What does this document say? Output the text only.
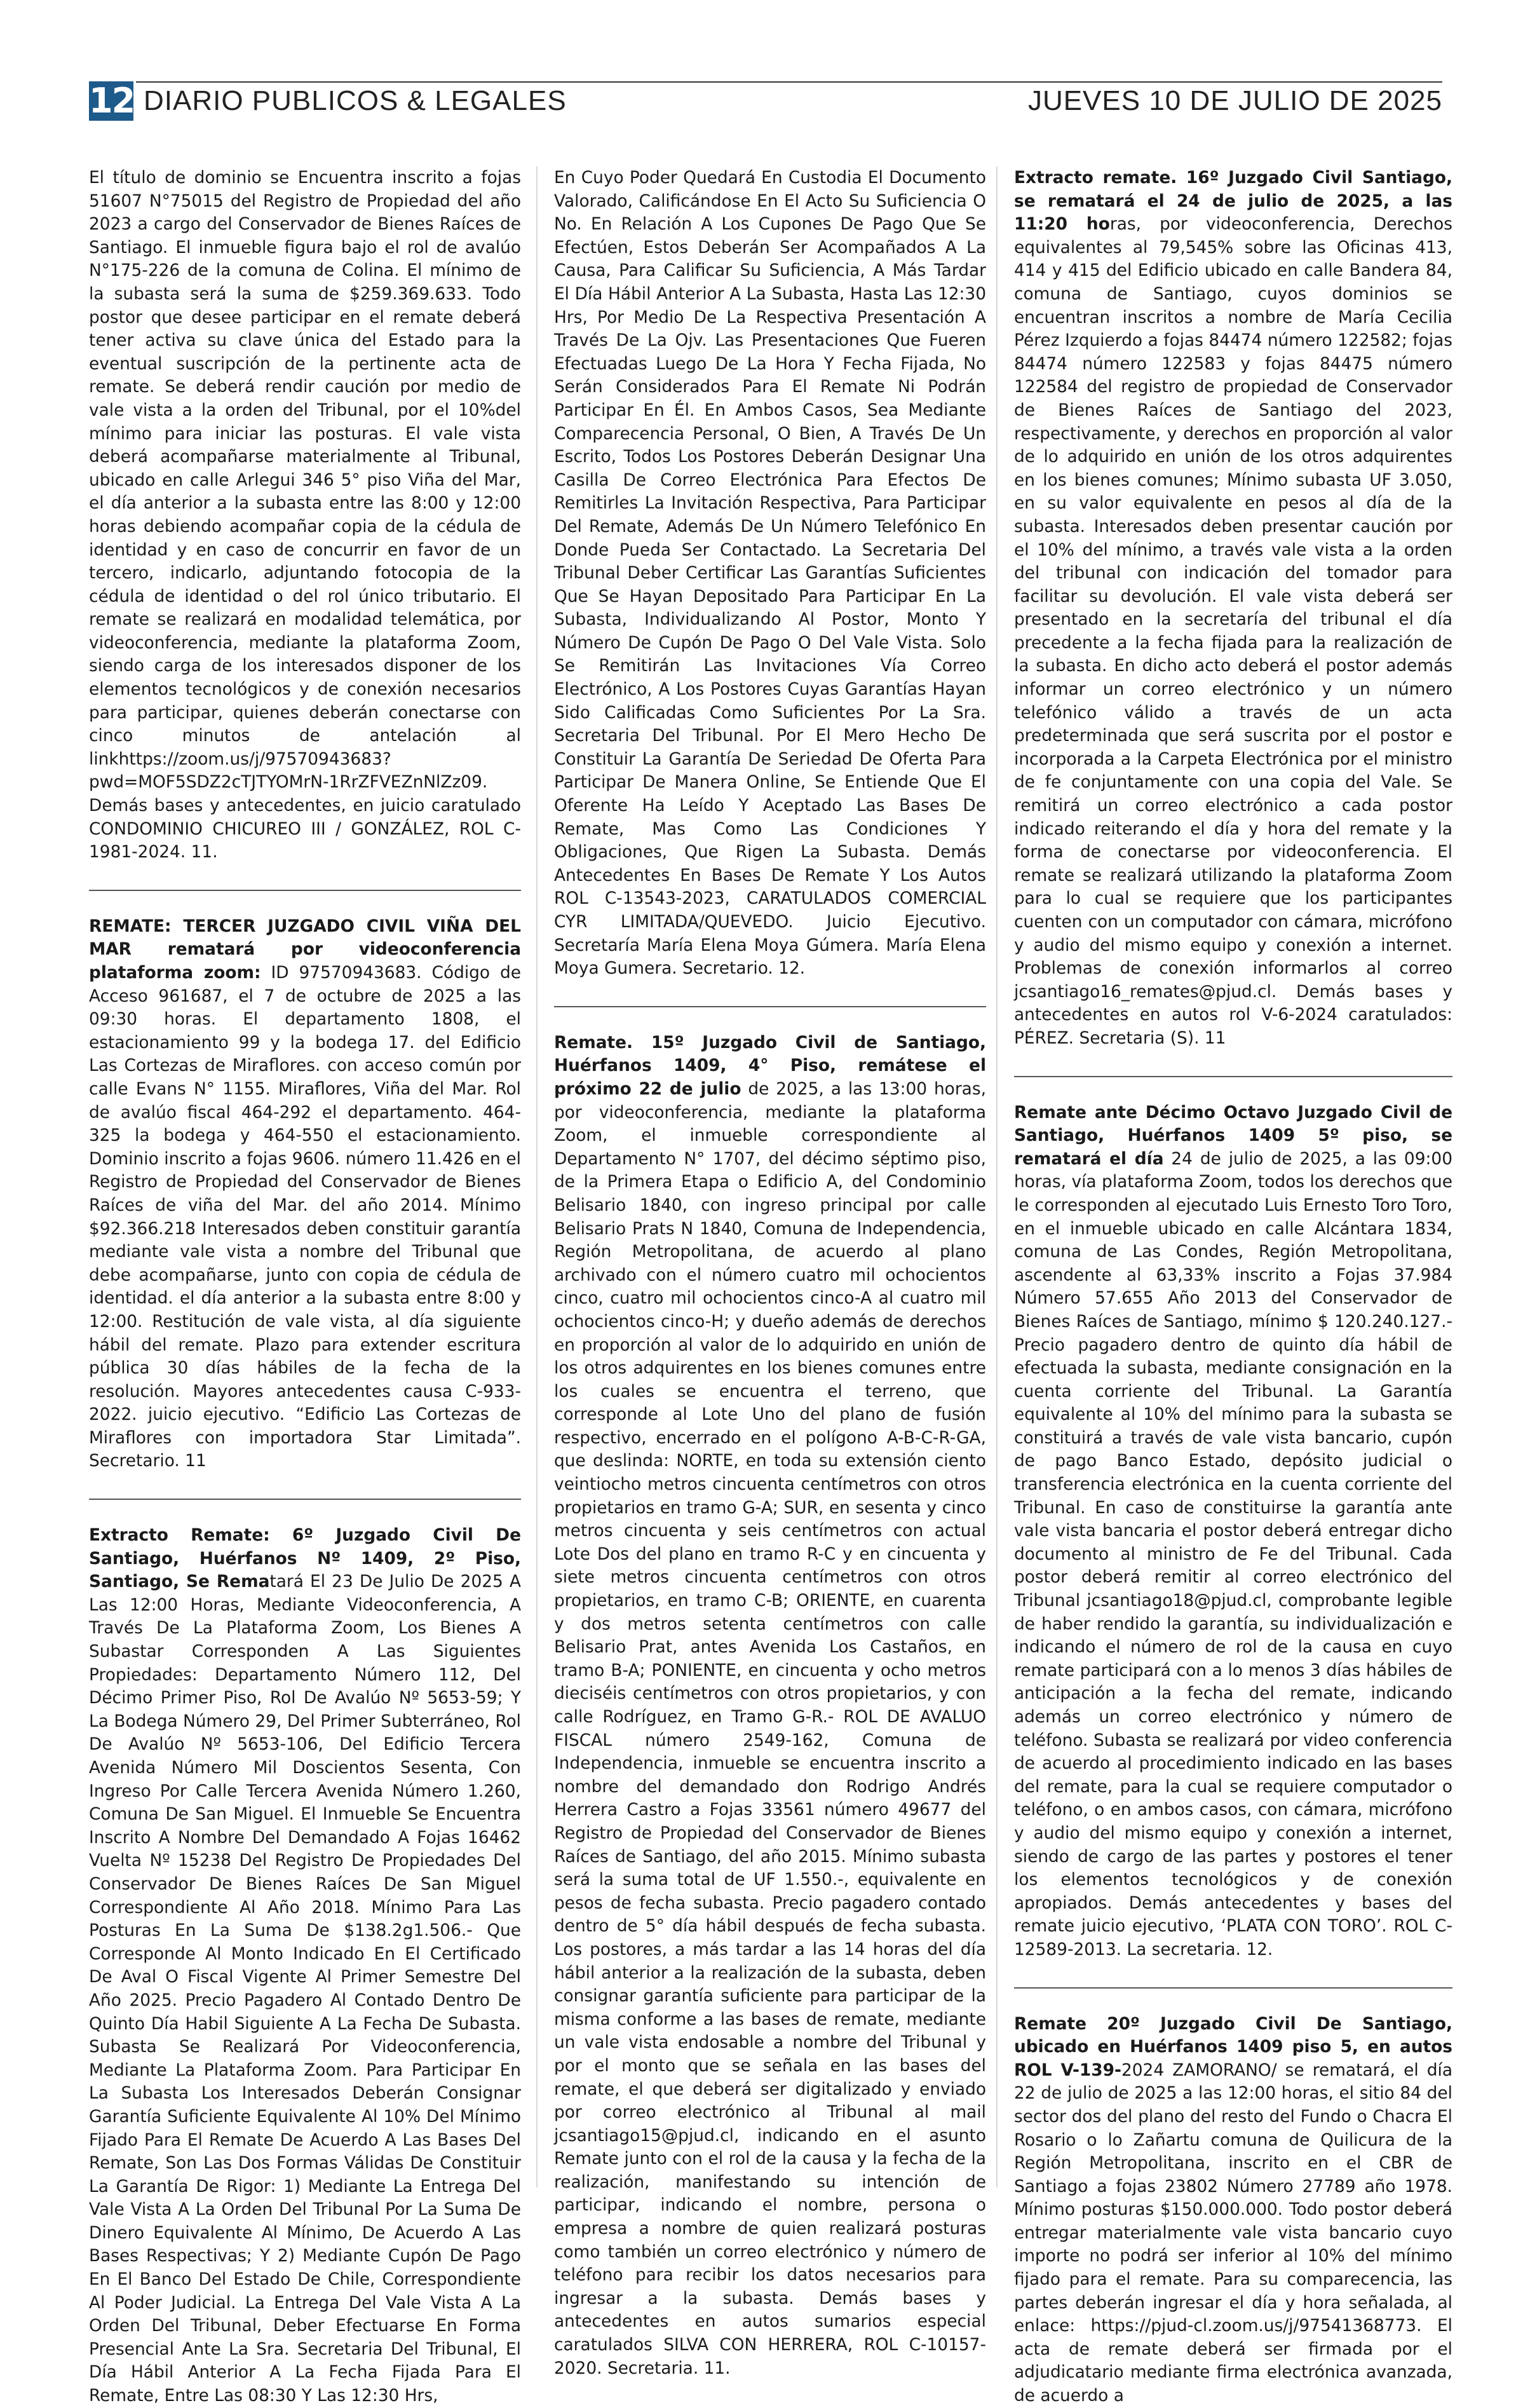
12 DIARIO PUBLICOS & LEGALES	JUEVES 10 DE JULIO DE 2025

El título de dominio se Encuentra inscrito a fojas 51607 N°75015 del Registro de Propiedad del año 2023 a cargo del Conservador de Bienes Raíces de Santiago. El inmueble figura bajo el rol de avalúo N°175-226 de la comuna de Colina. El mínimo de la subasta será la suma de $259.369.633. Todo postor que desee participar en el remate deberá tener activa su clave única del Estado para la eventual suscripción de la pertinente acta de remate. Se deberá rendir caución por medio de vale vista a la orden del Tribunal, por el 10%del mínimo para iniciar las posturas. El vale vista deberá acompañarse materialmente al Tribunal, ubicado en calle Arlegui 346 5° piso Viña del Mar, el día anterior a la subasta entre las 8:00 y 12:00 horas debiendo acompañar copia de la cédula de identidad y en caso de concurrir en favor de un tercero, indicarlo, adjuntando fotocopia de la cédula de identidad o del rol único tributario. El remate se realizará en modalidad telemática, por videoconferencia, mediante la plataforma Zoom, siendo carga de los interesados disponer de los elementos tecnológicos y de conexión necesarios para participar, quienes deberán conectarse con cinco minutos de antelación al linkhttps://zoom.us/j/97570943683?pwd=MOF5SDZ2cTJTYOMrN-1RrZFVEZnNlZz09. Demás bases y antecedentes, en juicio caratulado CONDOMINIO CHICUREO III / GONZÁLEZ, ROL C-1981-2024. 11.

REMATE: TERCER JUZGADO CIVIL VIÑA DEL MAR rematará por videoconferencia plataforma zoom: ID 97570943683. Código de Acceso 961687, el 7 de octubre de 2025 a las 09:30 horas. El departamento 1808, el estacionamiento 99 y la bodega 17. del Edificio Las Cortezas de Miraflores. con acceso común por calle Evans N° 1155. Miraflores, Viña del Mar. Rol de avalúo fiscal 464-292 el departamento. 464-325 la bodega y 464-550 el estacionamiento. Dominio inscrito a fojas 9606. número 11.426 en el Registro de Propiedad del Conservador de Bienes Raíces de viña del Mar. del año 2014. Mínimo $92.366.218 Interesados deben constituir garantía mediante vale vista a nombre del Tribunal que debe acompañarse, junto con copia de cédula de identidad. el día anterior a la subasta entre 8:00 y 12:00. Restitución de vale vista, al día siguiente hábil del remate. Plazo para extender escritura pública 30 días hábiles de la fecha de la resolución. Mayores antecedentes causa C-933-2022. juicio ejecutivo. “Edificio Las Cortezas de Miraflores con importadora Star Limitada”. Secretario. 11

Extracto Remate: 6º Juzgado Civil De Santiago, Huérfanos Nº 1409, 2º Piso, Santiago, Se Rematará El 23 De Julio De 2025 A Las 12:00 Horas, Mediante Videoconferencia, A Través De La Plataforma Zoom, Los Bienes A Subastar Corresponden A Las Siguientes Propiedades: Departamento Número 112, Del Décimo Primer Piso, Rol De Avalúo Nº 5653-59; Y La Bodega Número 29, Del Primer Subterráneo, Rol De Avalúo Nº 5653-106, Del Edificio Tercera Avenida Número Mil Doscientos Sesenta, Con Ingreso Por Calle Tercera Avenida Número 1.260, Comuna De San Miguel. El Inmueble Se Encuentra Inscrito A Nombre Del Demandado A Fojas 16462 Vuelta Nº 15238 Del Registro De Propiedades Del Conservador De Bienes Raíces De San Miguel Correspondiente Al Año 2018. Mínimo Para Las Posturas En La Suma De $138.2g1.506.- Que Corresponde Al Monto Indicado En El Certificado De Aval O Fiscal Vigente Al Primer Semestre Del Año 2025. Precio Pagadero Al Contado Dentro De Quinto Día Habil Siguiente A La Fecha De Subasta. Subasta Se Realizará Por Videoconferencia, Mediante La Plataforma Zoom. Para Participar En La Subasta Los Interesados Deberán Consignar Garantía Suficiente Equivalente Al 10% Del Mínimo Fijado Para El Remate De Acuerdo A Las Bases Del Remate, Son Las Dos Formas Válidas De Constituir La Garantía De Rigor: 1) Mediante La Entrega Del Vale Vista A La Orden Del Tribunal Por La Suma De Dinero Equivalente Al Mínimo, De Acuerdo A Las Bases Respectivas; Y 2) Mediante Cupón De Pago En El Banco Del Estado De Chile, Correspondiente Al Poder Judicial. La Entrega Del Vale Vista A La Orden Del Tribunal, Deber Efectuarse En Forma Presencial Ante La Sra. Secretaria Del Tribunal, El Día Hábil Anterior A La Fecha Fijada Para El Remate, Entre Las 08:30 Y Las 12:30 Hrs,

En Cuyo Poder Quedará En Custodia El Documento Valorado, Calificándose En El Acto Su Suficiencia O No. En Relación A Los Cupones De Pago Que Se Efectúen, Estos Deberán Ser Acompañados A La Causa, Para Calificar Su Suficiencia, A Más Tardar El Día Hábil Anterior A La Subasta, Hasta Las 12:30 Hrs, Por Medio De La Respectiva Presentación A Través De La Ojv. Las Presentaciones Que Fueren Efectuadas Luego De La Hora Y Fecha Fijada, No Serán Considerados Para El Remate Ni Podrán Participar En Él. En Ambos Casos, Sea Mediante Comparecencia Personal, O Bien, A Través De Un Escrito, Todos Los Postores Deberán Designar Una Casilla De Correo Electrónica Para Efectos De Remitirles La Invitación Respectiva, Para Participar Del Remate, Además De Un Número Telefónico En Donde Pueda Ser Contactado. La Secretaria Del Tribunal Deber Certificar Las Garantías Suficientes Que Se Hayan Depositado Para Participar En La Subasta, Individualizando Al Postor, Monto Y Número De Cupón De Pago O Del Vale Vista. Solo Se Remitirán Las Invitaciones Vía Correo Electrónico, A Los Postores Cuyas Garantías Hayan Sido Calificadas Como Suficientes Por La Sra. Secretaria Del Tribunal. Por El Mero Hecho De Constituir La Garantía De Seriedad De Oferta Para Participar De Manera Online, Se Entiende Que El Oferente Ha Leído Y Aceptado Las Bases De Remate, Mas Como Las Condiciones Y Obligaciones, Que Rigen La Subasta. Demás Antecedentes En Bases De Remate Y Los Autos ROL C-13543-2023, CARATULADOS COMERCIAL CYR LIMITADA/QUEVEDO. Juicio Ejecutivo. Secretaría María Elena Moya Gúmera. María Elena Moya Gumera. Secretario. 12.

Remate. 15º Juzgado Civil de Santiago, Huérfanos 1409, 4° Piso, remátese el próximo 22 de julio de 2025, a las 13:00 horas, por videoconferencia, mediante la plataforma Zoom, el inmueble correspondiente al Departamento N° 1707, del décimo séptimo piso, de la Primera Etapa o Edificio A, del Condominio Belisario 1840, con ingreso principal por calle Belisario Prats N 1840, Comuna de Independencia, Región Metropolitana, de acuerdo al plano archivado con el número cuatro mil ochocientos cinco, cuatro mil ochocientos cinco-A al cuatro mil ochocientos cinco-H; y dueño además de derechos en proporción al valor de lo adquirido en unión de los otros adquirentes en los bienes comunes entre los cuales se encuentra el terreno, que corresponde al Lote Uno del plano de fusión respectivo, encerrado en el polígono A-B-C-R-GA, que deslinda: NORTE, en toda su extensión ciento veintiocho metros cincuenta centímetros con otros propietarios en tramo G-A; SUR, en sesenta y cinco metros cincuenta y seis centímetros con actual Lote Dos del plano en tramo R-C y en cincuenta y siete metros cincuenta centímetros con otros propietarios, en tramo C-B; ORIENTE, en cuarenta y dos metros setenta centímetros con calle Belisario Prat, antes Avenida Los Castaños, en tramo B-A; PONIENTE, en cincuenta y ocho metros dieciséis centímetros con otros propietarios, y con calle Rodríguez, en Tramo G-R.- ROL DE AVALUO FISCAL número 2549-162, Comuna de Independencia, inmueble se encuentra inscrito a nombre del demandado don Rodrigo Andrés Herrera Castro a Fojas 33561 número 49677 del Registro de Propiedad del Conservador de Bienes Raíces de Santiago, del año 2015. Mínimo subasta será la suma total de UF 1.550.-, equivalente en pesos de fecha subasta. Precio pagadero contado dentro de 5° día hábil después de fecha subasta. Los postores, a más tardar a las 14 horas del día hábil anterior a la realización de la subasta, deben consignar garantía suficiente para participar de la misma conforme a las bases de remate, mediante un vale vista endosable a nombre del Tribunal y por el monto que se señala en las bases del remate, el que deberá ser digitalizado y enviado por correo electrónico al Tribunal al mail jcsantiago15@pjud.cl, indicando en el asunto Remate junto con el rol de la causa y la fecha de la realización, manifestando su intención de participar, indicando el nombre, persona o empresa a nombre de quien realizará posturas como también un correo electrónico y número de teléfono para recibir los datos necesarios para ingresar a la subasta. Demás bases y antecedentes en autos sumarios especial caratulados SILVA CON HERRERA, ROL C-10157-2020. Secretaria. 11.

Extracto remate. 16º Juzgado Civil Santiago, se rematará el 24 de julio de 2025, a las 11:20 horas, por videoconferencia, Derechos equivalentes al 79,545% sobre las Oficinas 413, 414 y 415 del Edificio ubicado en calle Bandera 84, comuna de Santiago, cuyos dominios se encuentran inscritos a nombre de María Cecilia Pérez Izquierdo a fojas 84474 número 122582; fojas 84474 número 122583 y fojas 84475 número 122584 del registro de propiedad de Conservador de Bienes Raíces de Santiago del 2023, respectivamente, y derechos en proporción al valor de lo adquirido en unión de los otros adquirentes en los bienes comunes; Mínimo subasta UF 3.050, en su valor equivalente en pesos al día de la subasta. Interesados deben presentar caución por el 10% del mínimo, a través vale vista a la orden del tribunal con indicación del tomador para facilitar su devolución. El vale vista deberá ser presentado en la secretaría del tribunal el día precedente a la fecha fijada para la realización de la subasta. En dicho acto deberá el postor además informar un correo electrónico y un número telefónico válido a través de un acta predeterminada que será suscrita por el postor e incorporada a la Carpeta Electrónica por el ministro de fe conjuntamente con una copia del Vale. Se remitirá un correo electrónico a cada postor indicado reiterando el día y hora del remate y la forma de conectarse por videoconferencia. El remate se realizará utilizando la plataforma Zoom para lo cual se requiere que los participantes cuenten con un computador con cámara, micrófono y audio del mismo equipo y conexión a internet. Problemas de conexión informarlos al correo jcsantiago16_remates@pjud.cl. Demás bases y antecedentes en autos rol V-6-2024 caratulados: PÉREZ. Secretaria (S). 11

Remate ante Décimo Octavo Juzgado Civil de Santiago, Huérfanos 1409 5º piso, se rematará el día 24 de julio de 2025, a las 09:00 horas, vía plataforma Zoom, todos los derechos que le corresponden al ejecutado Luis Ernesto Toro Toro, en el inmueble ubicado en calle Alcántara 1834, comuna de Las Condes, Región Metropolitana, ascendente al 63,33% inscrito a Fojas 37.984 Número 57.655 Año 2013 del Conservador de Bienes Raíces de Santiago, mínimo $ 120.240.127.- Precio pagadero dentro de quinto día hábil de efectuada la subasta, mediante consignación en la cuenta corriente del Tribunal. La Garantía equivalente al 10% del mínimo para la subasta se constituirá a través de vale vista bancario, cupón de pago Banco Estado, depósito judicial o transferencia electrónica en la cuenta corriente del Tribunal. En caso de constituirse la garantía ante vale vista bancaria el postor deberá entregar dicho documento al ministro de Fe del Tribunal. Cada postor deberá remitir al correo electrónico del Tribunal jcsantiago18@pjud.cl, comprobante legible de haber rendido la garantía, su individualización e indicando el número de rol de la causa en cuyo remate participará con a lo menos 3 días hábiles de anticipación a la fecha del remate, indicando además un correo electrónico y número de teléfono. Subasta se realizará por video conferencia de acuerdo al procedimiento indicado en las bases del remate, para la cual se requiere computador o teléfono, o en ambos casos, con cámara, micrófono y audio del mismo equipo y conexión a internet, siendo de cargo de las partes y postores el tener los elementos tecnológicos y de conexión apropiados. Demás antecedentes y bases del remate juicio ejecutivo, ‘PLATA CON TORO’. ROL C-12589-2013. La secretaria. 12.

Remate 20º Juzgado Civil De Santiago, ubicado en Huérfanos 1409 piso 5, en autos ROL V-139-2024 ZAMORANO/ se rematará, el día 22 de julio de 2025 a las 12:00 horas, el sitio 84 del sector dos del plano del resto del Fundo o Chacra El Rosario o lo Zañartu comuna de Quilicura de la Región Metropolitana, inscrito en el CBR de Santiago a fojas 23802 Número 27789 año 1978. Mínimo posturas $150.000.000. Todo postor deberá entregar materialmente vale vista bancario cuyo importe no podrá ser inferior al 10% del mínimo fijado para el remate. Para su comparecencia, las partes deberán ingresar el día y hora señalada, al enlace: https://pjud-cl.zoom.us/j/97541368773. El acta de remate deberá ser firmada por el adjudicatario mediante firma electrónica avanzada, de acuerdo a
